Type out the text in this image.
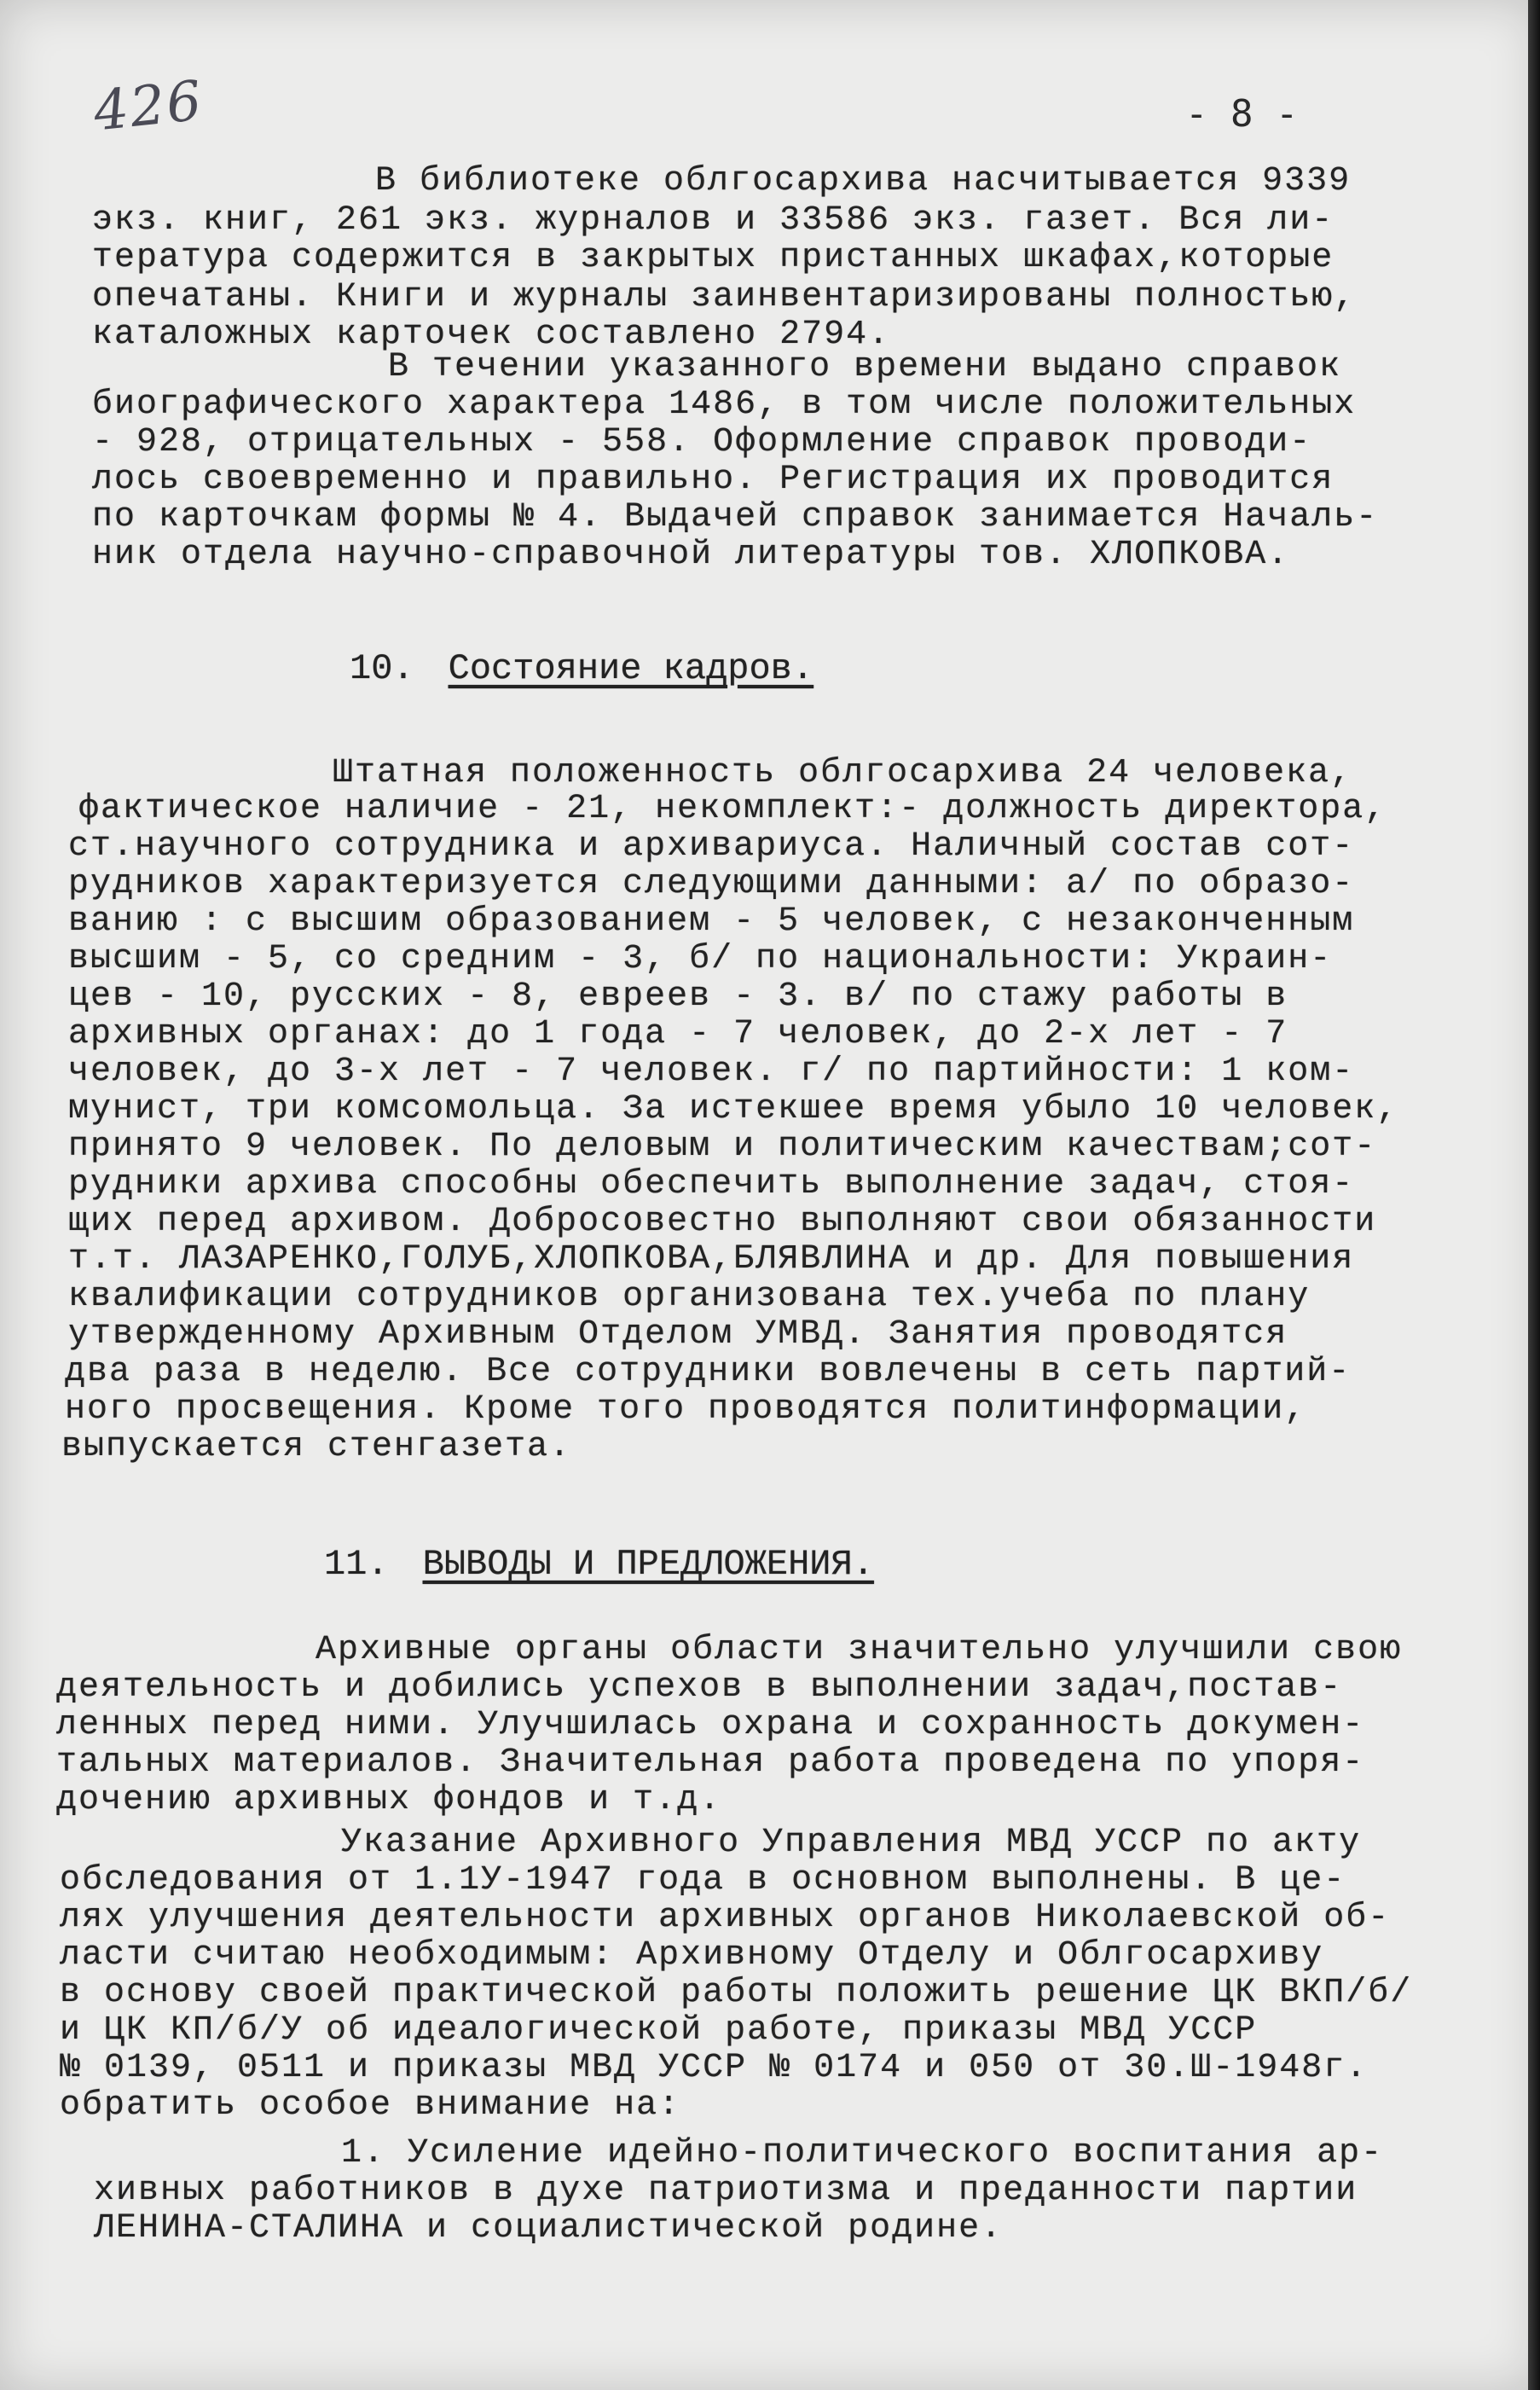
426	- 8 -
В библиотеке облгосархива насчитывается 9339
экз. книг, 261 экз. журналов и 33586 экз. газет. Вся ли-
тература содержится в закрытых пристанных шкафах,которые
опечатаны. Книги и журналы заинвентаризированы полностью,
каталожных карточек составлено 2794.
В течении указанного времени выдано справок
биографического характера 1486, в том числе положительных
- 928, отрицательных - 558. Оформление справок проводи-
лось своевременно и правильно. Регистрация их проводится
по карточкам формы № 4. Выдачей справок занимается Началь-
ник отдела научно-справочной литературы тов. ХЛОПКОВА.
10. Состояние кадров.
Штатная положенность облгосархива 24 человека,
фактическое наличие - 21, некомплект:- должность директора,
ст.научного сотрудника и архивариуса. Наличный состав сот-
рудников характеризуется следующими данными: а/ по образо-
ванию : с высшим образованием - 5 человек, с незаконченным
высшим - 5, со средним - 3, б/ по национальности: Украин-
цев - 10, русских - 8, евреев - 3. в/ по стажу работы в
архивных органах: до 1 года - 7 человек, до 2-х лет - 7
человек, до 3-х лет - 7 человек. г/ по партийности: 1 ком-
мунист, три комсомольца. За истекшее время убыло 10 человек,
принято 9 человек. По деловым и политическим качествам;сот-
рудники архива способны обеспечить выполнение задач, стоя-
щих перед архивом. Добросовестно выполняют свои обязанности
т.т. ЛАЗАРЕНКО,ГОЛУБ,ХЛОПКОВА,БЛЯВЛИНА и др. Для повышения
квалификации сотрудников организована тех.учеба по плану
утвержденному Архивным Отделом УМВД. Занятия проводятся
два раза в неделю. Все сотрудники вовлечены в сеть партий-
ного просвещения. Кроме того проводятся политинформации,
выпускается стенгазета.
11. ВЫВОДЫ И ПРЕДЛОЖЕНИЯ.
Архивные органы области значительно улучшили свою
деятельность и добились успехов в выполнении задач,постав-
ленных перед ними. Улучшилась охрана и сохранность докумен-
тальных материалов. Значительная работа проведена по упоря-
дочению архивных фондов и т.д.
Указание Архивного Управления МВД УССР по акту
обследования от 1.1У-1947 года в основном выполнены. В це-
лях улучшения деятельности архивных органов Николаевской об-
ласти считаю необходимым: Архивному Отделу и Облгосархиву
в основу своей практической работы положить решение ЦК ВКП/б/
и ЦК КП/б/У об идеалогической работе, приказы МВД УССР
№ 0139, 0511 и приказы МВД УССР № 0174 и 050 от 30.Ш-1948г.
обратить особое внимание на:
1. Усиление идейно-политического воспитания ар-
хивных работников в духе патриотизма и преданности партии
ЛЕНИНА-СТАЛИНА и социалистической родине.
